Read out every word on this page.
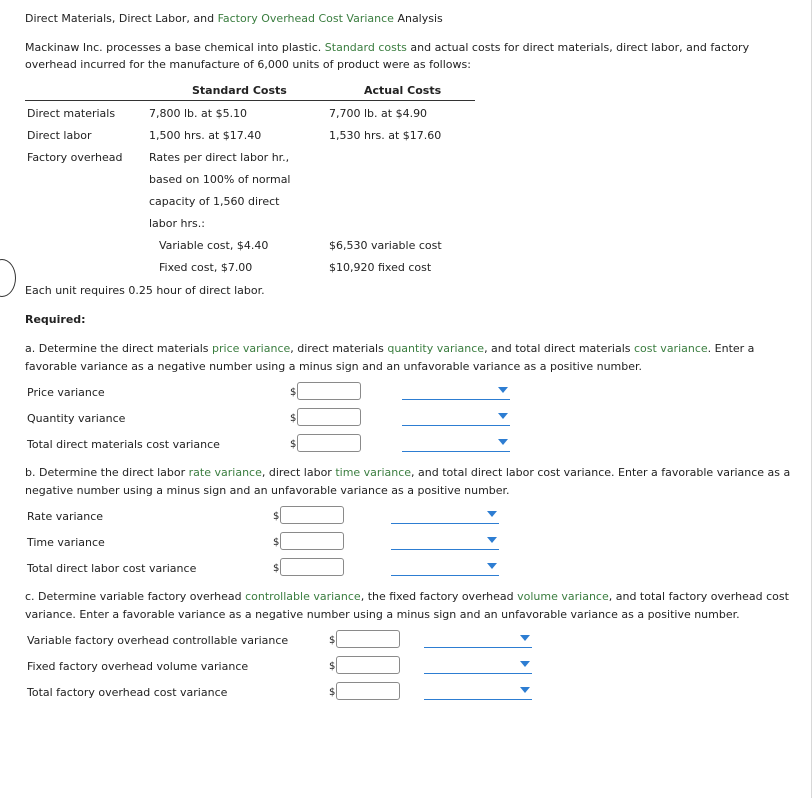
Direct Materials, Direct Labor, and Factory Overhead Cost Variance Analysis
Mackinaw Inc. processes a base chemical into plastic. Standard costs and actual costs for direct materials, direct labor, and factory overhead incurred for the manufacture of 6,000 units of product were as follows:
Standard Costs	Actual Costs
Direct materials	7,800 lb. at $5.10	7,700 lb. at $4.90
Direct labor	1,500 hrs. at $17.40	1,530 hrs. at $17.60
Factory overhead Rates per direct labor hr.,
based on 100% of normal
capacity of 1,560 direct
labor hrs.:
Variable cost, $4.40	$6,530 variable cost
Fixed cost, $7.00	$10,920 fixed cost
Each unit requires 0.25 hour of direct labor.
Required:
a. Determine the direct materials price variance, direct materials quantity variance, and total direct materials cost variance. Enter a favorable variance as a negative number using a minus sign and an unfavorable variance as a positive number.
Price variance	$
Quantity variance	$
Total direct materials cost variance	$
b. Determine the direct labor rate variance, direct labor time variance, and total direct labor cost variance. Enter a favorable variance as a negative number using a minus sign and an unfavorable variance as a positive number.
Rate variance	$
Time variance	$
Total direct labor cost variance	$
c. Determine variable factory overhead controllable variance, the fixed factory overhead volume variance, and total factory overhead cost variance. Enter a favorable variance as a negative number using a minus sign and an unfavorable variance as a positive number.
Variable factory overhead controllable variance	$
Fixed factory overhead volume variance	$
Total factory overhead cost variance	$
